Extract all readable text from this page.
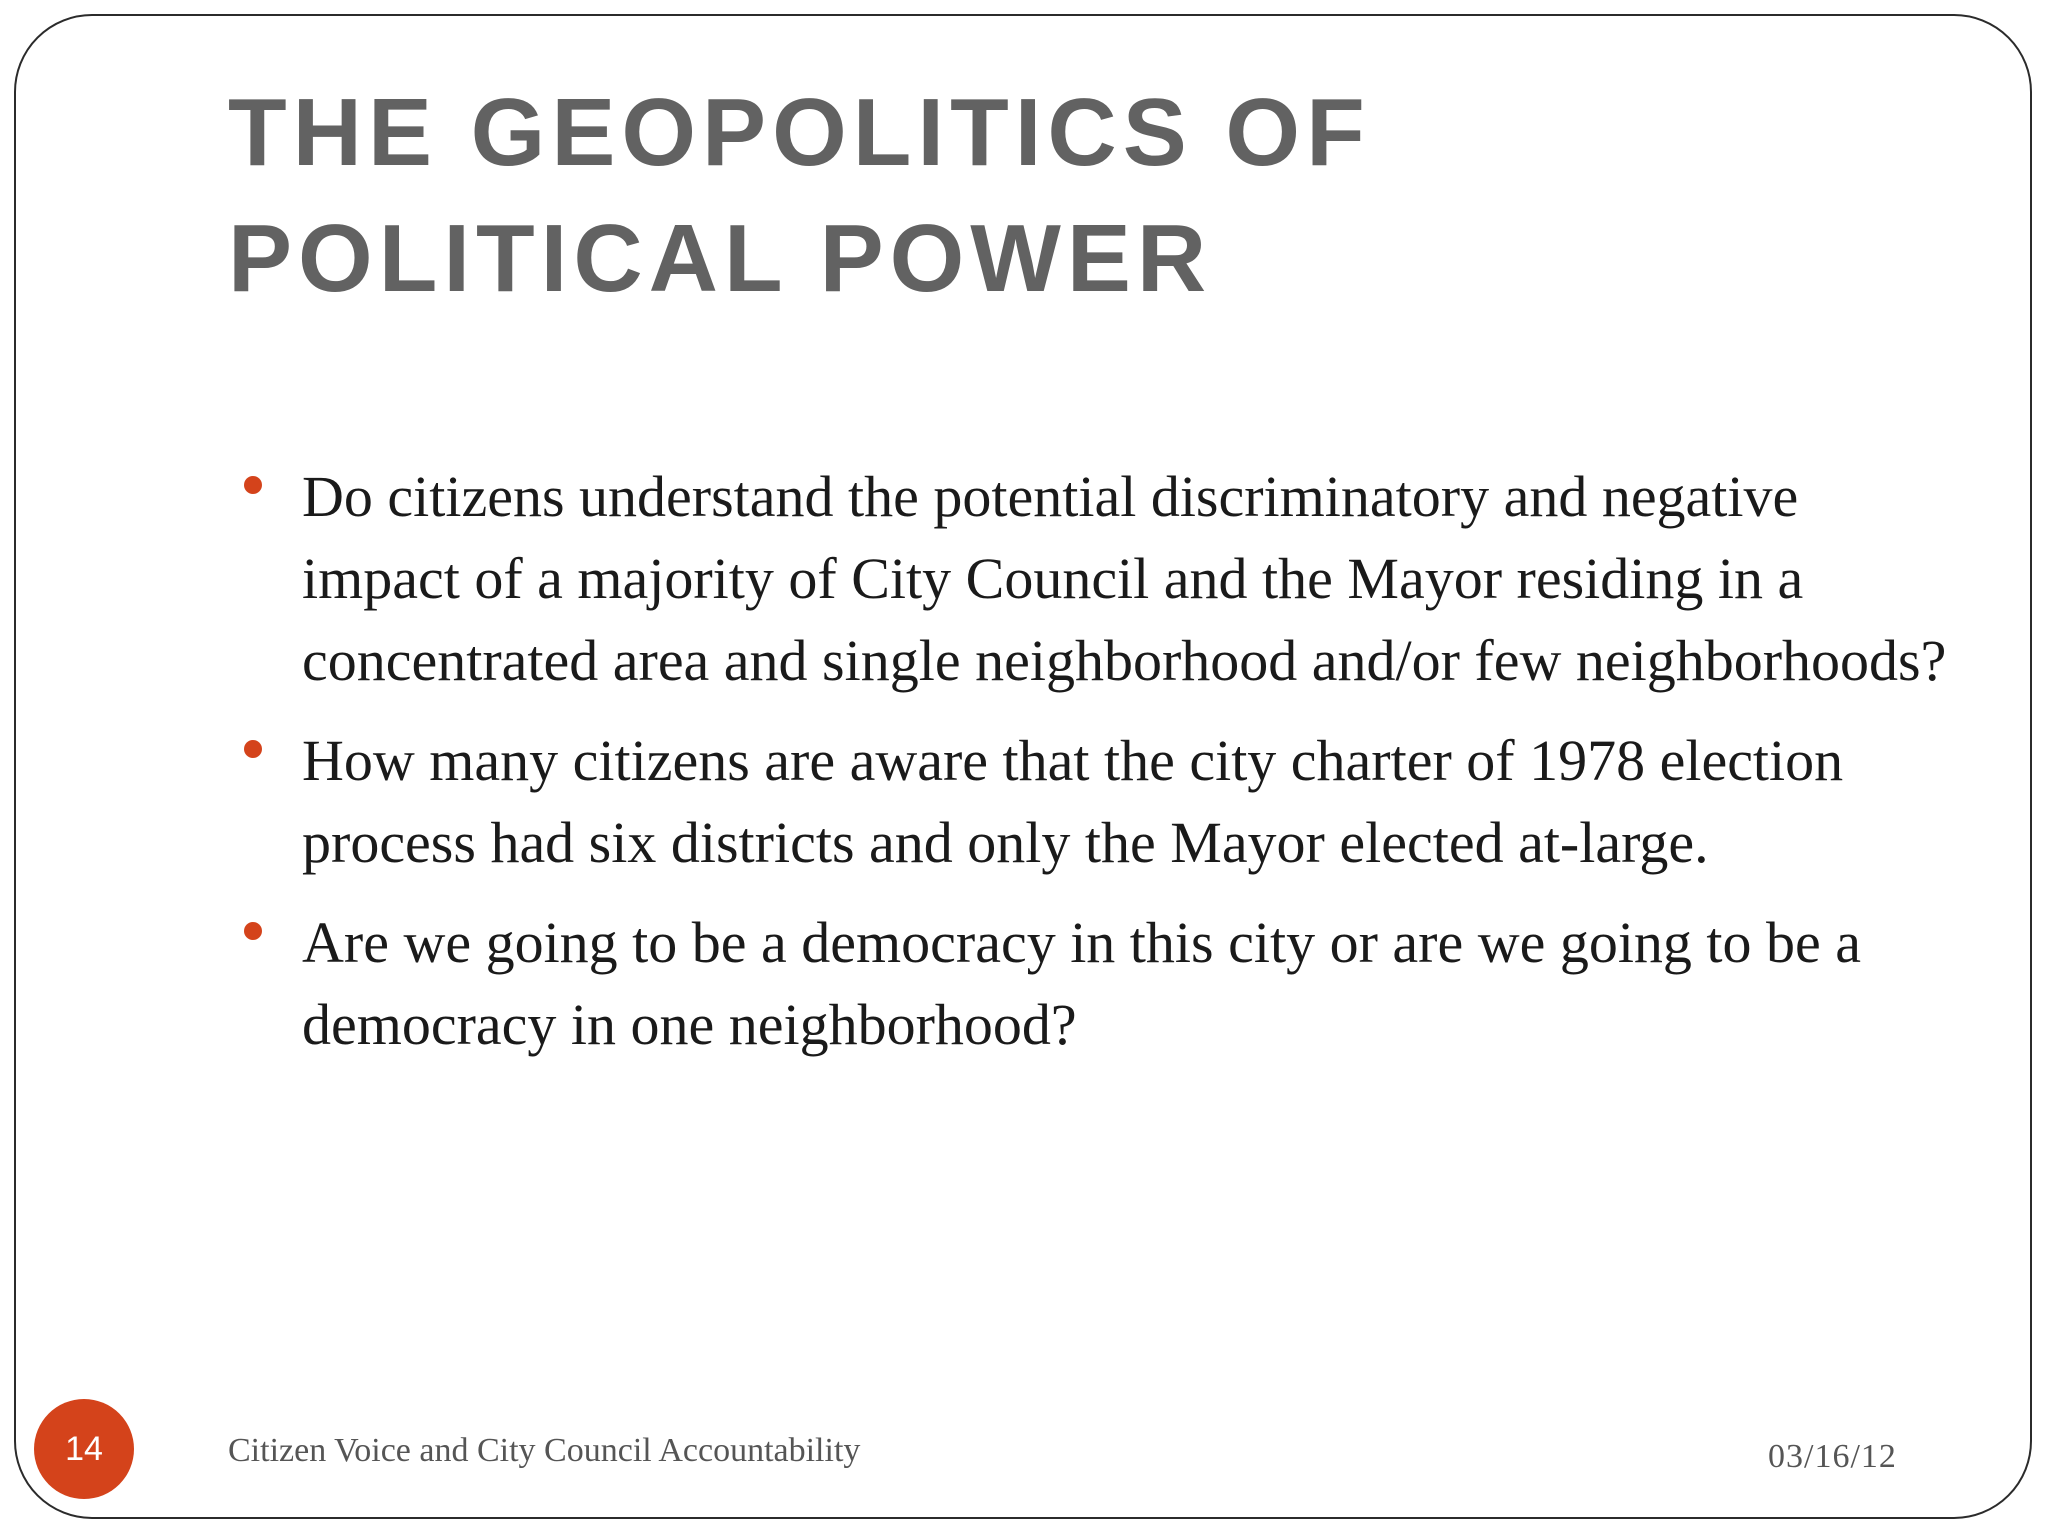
THE GEOPOLITICS OF POLITICAL POWER
Do citizens understand the potential discriminatory and negative impact of a majority of City Council and the Mayor residing in a concentrated area and single neighborhood and/or few neighborhoods?
How many citizens are aware that the city charter of 1978 election process had six districts and only the Mayor elected at-large.
Are we going to be a democracy in this city or are we going to be a democracy in one neighborhood?
14	Citizen Voice and City Council Accountability	03/16/12
